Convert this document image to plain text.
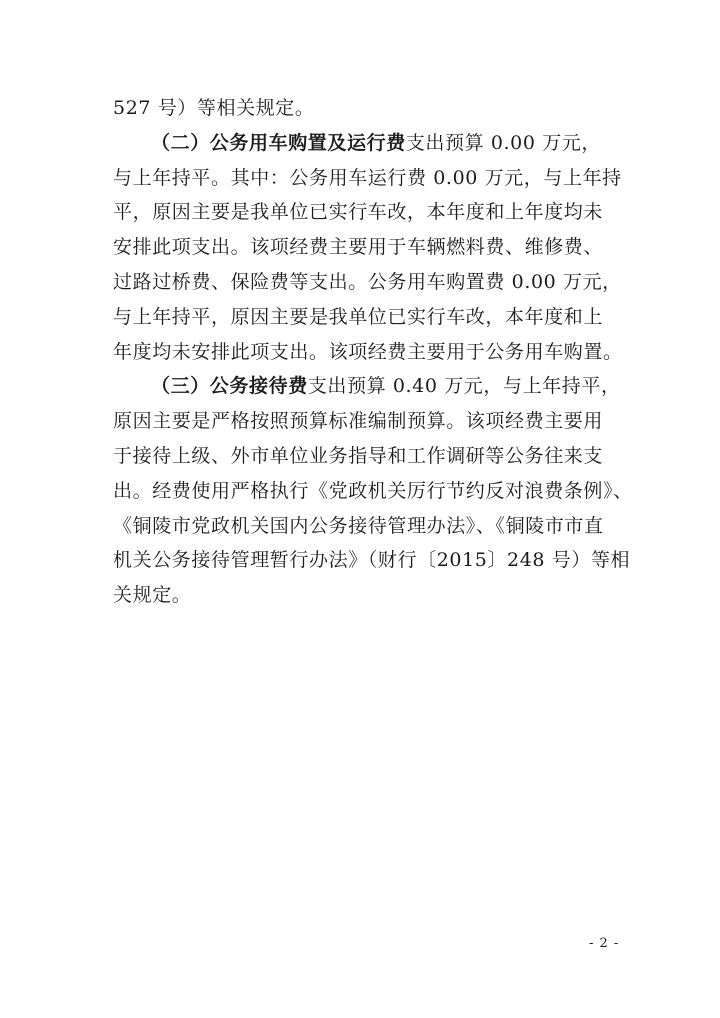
527 号）等相关规定。
（二）公务用车购置及运行费支出预算 0.00 万元，
与上年持平。其中：公务用车运行费 0.00 万元，与上年持
平，原因主要是我单位已实行车改，本年度和上年度均未
安排此项支出。该项经费主要用于车辆燃料费、维修费、
过路过桥费、保险费等支出。公务用车购置费 0.00 万元，
与上年持平，原因主要是我单位已实行车改，本年度和上
年度均未安排此项支出。该项经费主要用于公务用车购置。
（三）公务接待费支出预算 0.40 万元，与上年持平，
原因主要是严格按照预算标准编制预算。该项经费主要用
于接待上级、外市单位业务指导和工作调研等公务往来支
出。经费使用严格执行《党政机关厉行节约反对浪费条例》、
《铜陵市党政机关国内公务接待管理办法》、《铜陵市市直
机关公务接待管理暂行办法》（财行〔2015〕248 号）等相
关规定。
- 2 -
